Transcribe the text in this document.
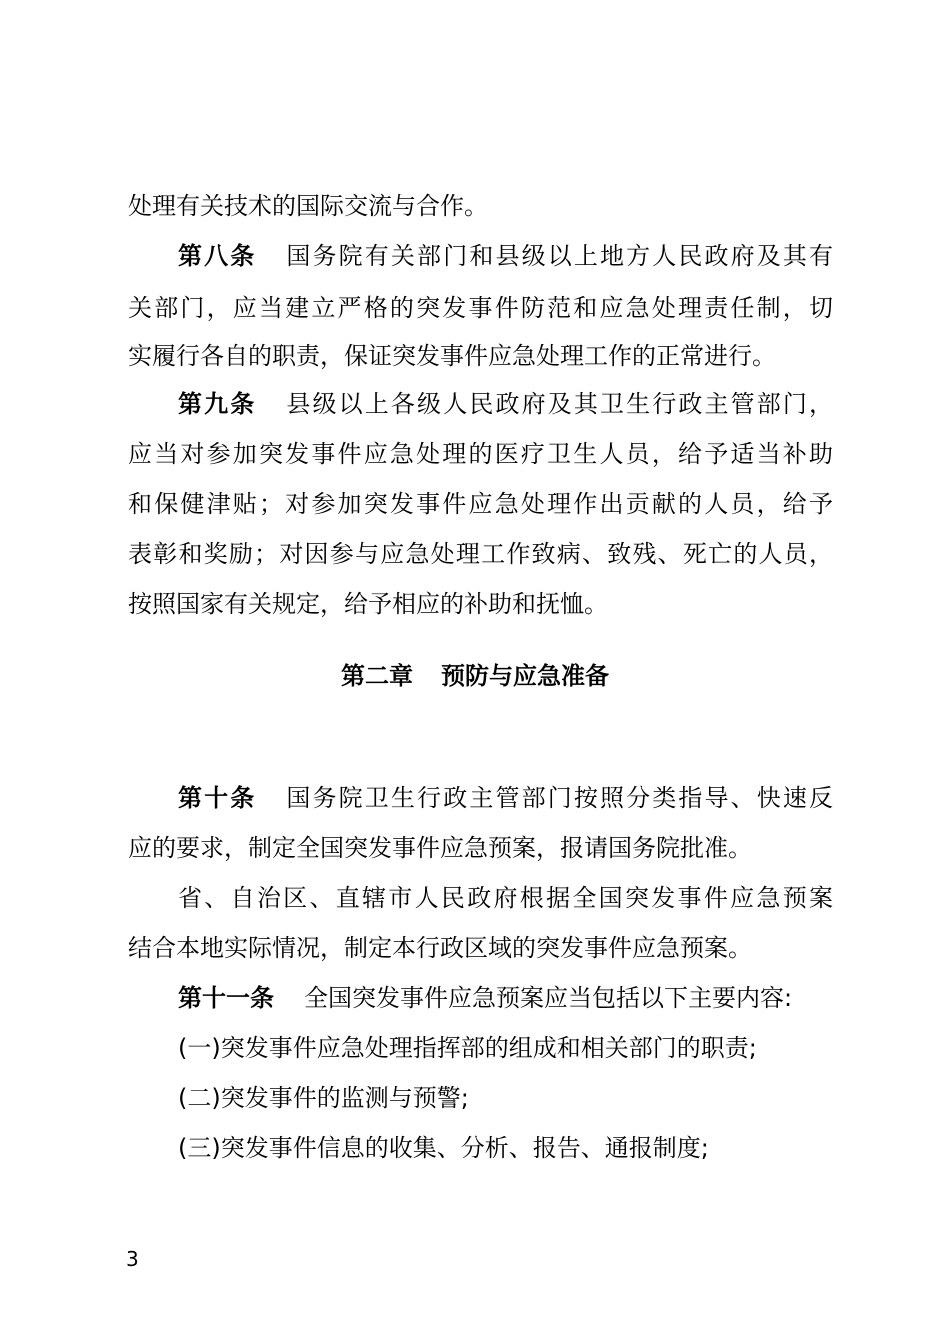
处理有关技术的国际交流与合作。
第八条 国务院有关部门和县级以上地方人民政府及其有
关部门，应当建立严格的突发事件防范和应急处理责任制，切
实履行各自的职责，保证突发事件应急处理工作的正常进行。
第九条 县级以上各级人民政府及其卫生行政主管部门，
应当对参加突发事件应急处理的医疗卫生人员，给予适当补助
和保健津贴；对参加突发事件应急处理作出贡献的人员，给予
表彰和奖励；对因参与应急处理工作致病、致残、死亡的人员，
按照国家有关规定，给予相应的补助和抚恤。
第二章 预防与应急准备
第十条 国务院卫生行政主管部门按照分类指导、快速反
应的要求，制定全国突发事件应急预案，报请国务院批准。
省、自治区、直辖市人民政府根据全国突发事件应急预案
结合本地实际情况，制定本行政区域的突发事件应急预案。
第十一条 全国突发事件应急预案应当包括以下主要内容:
(一)突发事件应急处理指挥部的组成和相关部门的职责;
(二)突发事件的监测与预警;
(三)突发事件信息的收集、分析、报告、通报制度;
3
